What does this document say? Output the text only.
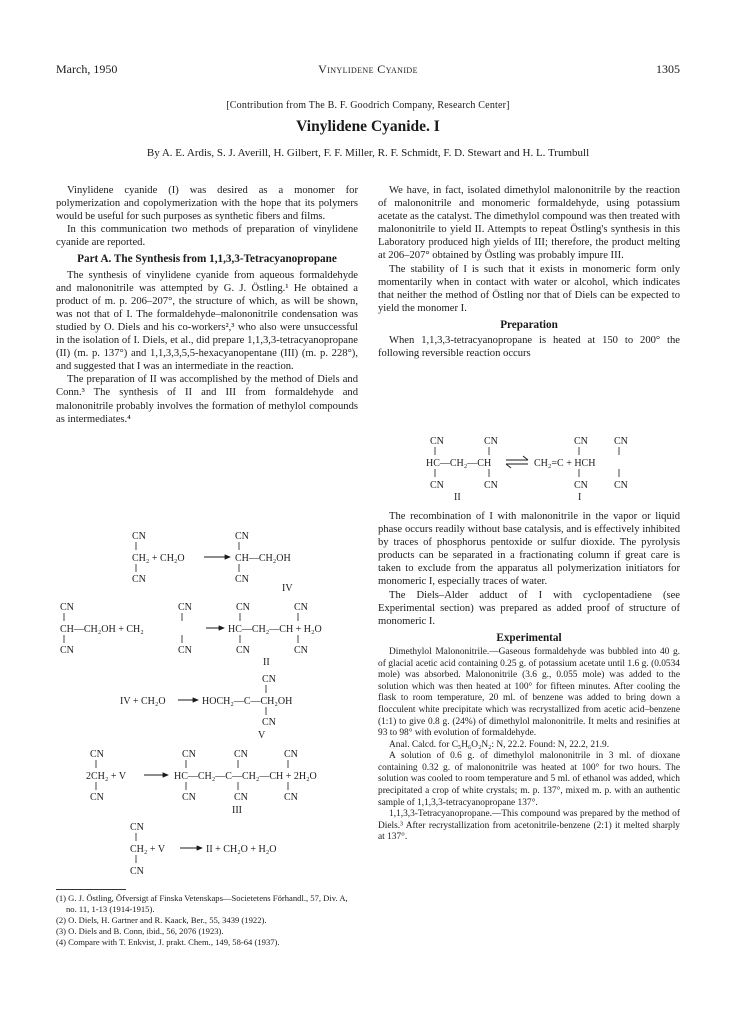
March, 1950	Vinylidene Cyanide	1305
[Contribution from The B. F. Goodrich Company, Research Center]
Vinylidene Cyanide. I
By A. E. Ardis, S. J. Averill, H. Gilbert, F. F. Miller, R. F. Schmidt, F. D. Stewart and H. L. Trumbull

Vinylidene cyanide (I) was desired as a monomer for polymerization and copolymerization with the hope that its polymers would be useful for such purposes as synthetic fibers and films.

In this communication two methods of preparation of vinylidene cyanide are reported.

Part A. The Synthesis from 1,1,3,3-Tetracyanopropane

The synthesis of vinylidene cyanide from aqueous formaldehyde and malononitrile was attempted by G. J. Östling.¹ He obtained a product of m. p. 206–207°, the structure of which, as will be shown, was not that of I. The formaldehyde–malononitrile condensation was studied by O. Diels and his co-workers²,³ who also were unsuccessful in the isolation of I. Diels, et al., did prepare 1,1,3,3-tetracyanopropane (II) (m. p. 137°) and 1,1,3,3,5,5-hexacyanopentane (III) (m. p. 228°), and suggested that I was an intermediate in the reaction.

The preparation of II was accomplished by the method of Diels and Conn.³ The synthesis of II and III from formaldehyde and malononitrile probably involves the formation of methylol compounds as intermediates.⁴

CN	CN
CH₂ + CH₂O	CH—CH₂OH
CN	CN
IV
CN	CN	CN	CN
CH—CH₂OH + CH₂	HC—CH₂—CH + H₂O
CN	CN	CN	CN
II
CN
IV + CH₂O	HOCH₂—C—CH₂OH
CN
V
CN	CN	CN	CN
2CH₂ + V	HC—CH₂—C—CH₂—CH + 2H₂O
CN	CN	CN	CN
III
CN
CH₂ + V	II + CH₂O + H₂O
CN
(1) G. J. Östling, Öfversigt af Finska Vetenskaps—Societetens Förhandl., 57, Div. A, no. 11, 1-13 (1914-1915).
(2) O. Diels, H. Gartner and R. Kaack, Ber., 55, 3439 (1922).
(3) O. Diels and B. Conn, ibid., 56, 2076 (1923).
(4) Compare with T. Enkvist, J. prakt. Chem., 149, 58-64 (1937).

We have, in fact, isolated dimethylol malononitrile by the reaction of malononitrile and monomeric formaldehyde, using potassium acetate as the catalyst. The dimethylol compound was then treated with malononitrile to yield II. Attempts to repeat Östling's synthesis in this Laboratory produced high yields of III; therefore, the product melting at 206–207° obtained by Östling was probably impure III.

The stability of I is such that it exists in monomeric form only momentarily when in contact with water or alcohol, which indicates that neither the method of Östling nor that of Diels can be expected to yield the monomer I.

Preparation

When 1,1,3,3-tetracyanopropane is heated at 150 to 200° the following reversible reaction occurs

CN	CN	CN	CN
HC—CH₂—CH	CH₂=C + HCH
CN	CN	CN	CN
II	I

The recombination of I with malononitrile in the vapor or liquid phase occurs readily without base catalysis, and is effectively inhibited by traces of phosphorus pentoxide or sulfur dioxide. The pyrolysis products can be separated in a fractionating column if great care is taken to exclude from the apparatus all polymerization initiators for monomeric I, especially traces of water.

The Diels–Alder adduct of I with cyclopentadiene (see Experimental section) was prepared as added proof of structure of monomeric I.

Experimental

Dimethylol Malononitrile.—Gaseous formaldehyde was bubbled into 40 g. of glacial acetic acid containing 0.25 g. of potassium acetate until 1.6 g. (0.0534 mole) was absorbed. Malononitrile (3.6 g., 0.055 mole) was added to the solution which was then heated at 100° for fifteen minutes. After cooling the flask to room temperature, 20 ml. of benzene was added to bring down a flocculent white precipitate which was recrystallized from acetic acid–benzene (1:1) to give 0.8 g. (24%) of dimethylol malononitrile. It melts and resinifies at 93 to 98° with evolution of formaldehyde.

Anal. Calcd. for C₅H₆O₂N₂: N, 22.2. Found: N, 22.2, 21.9.

A solution of 0.6 g. of dimethylol malononitrile in 3 ml. of dioxane containing 0.32 g. of malononitrile was heated at 100° for two hours. The solution was cooled to room temperature and 5 ml. of ethanol was added, which precipitated a crop of white crystals; m. p. 137°, mixed m. p. with an authentic sample of 1,1,3,3-tetracyanopropane 137°.

1,1,3,3-Tetracyanopropane.—This compound was prepared by the method of Diels.³ After recrystallization from acetonitrile-benzene (2:1) it melted sharply at 137°.
